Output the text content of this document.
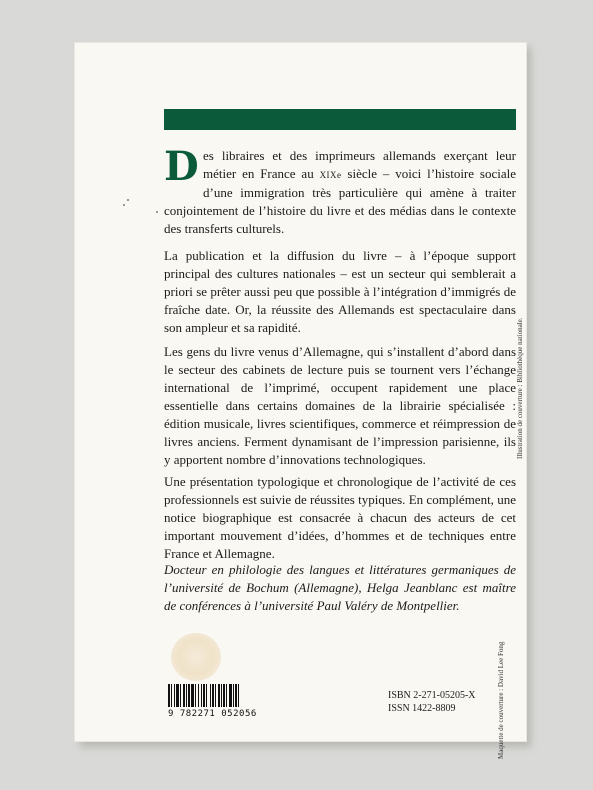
Des libraires et des imprimeurs allemands exerçant leur métier en France au XIXe siècle – voici l’histoire sociale d’une immigration très particulière qui amène à traiter conjointement de l’histoire du livre et des médias dans le contexte des transferts culturels.
La publication et la diffusion du livre – à l’époque support principal des cultures nationales – est un secteur qui semblerait a priori se prêter aussi peu que possible à l’intégration d’immigrés de fraîche date. Or, la réussite des Allemands est spectaculaire dans son ampleur et sa rapidité.
Les gens du livre venus d’Allemagne, qui s’installent d’abord dans le secteur des cabinets de lecture puis se tournent vers l’échange international de l’imprimé, occupent rapidement une place essentielle dans certains domaines de la librairie spécialisée : édition musicale, livres scientifiques, commerce et réimpression de livres anciens. Ferment dynamisant de l’impression parisienne, ils y apportent nombre d’innovations technologiques.
Une présentation typologique et chronologique de l’activité de ces professionnels est suivie de réussites typiques. En complément, une notice biographique est consacrée à chacun des acteurs de cet important mouvement d’idées, d’hommes et de techniques entre France et Allemagne.
Docteur en philologie des langues et littératures germaniques de l’université de Bochum (Allemagne), Helga Jeanblanc est maître de conférences à l’université Paul Valéry de Montpellier.
9 782271 052056
ISBN 2-271-05205-X
ISSN 1422-8809	Maquette de couverture : David Lee Fong
Illustration de couverture : Bibliothèque nationale.
